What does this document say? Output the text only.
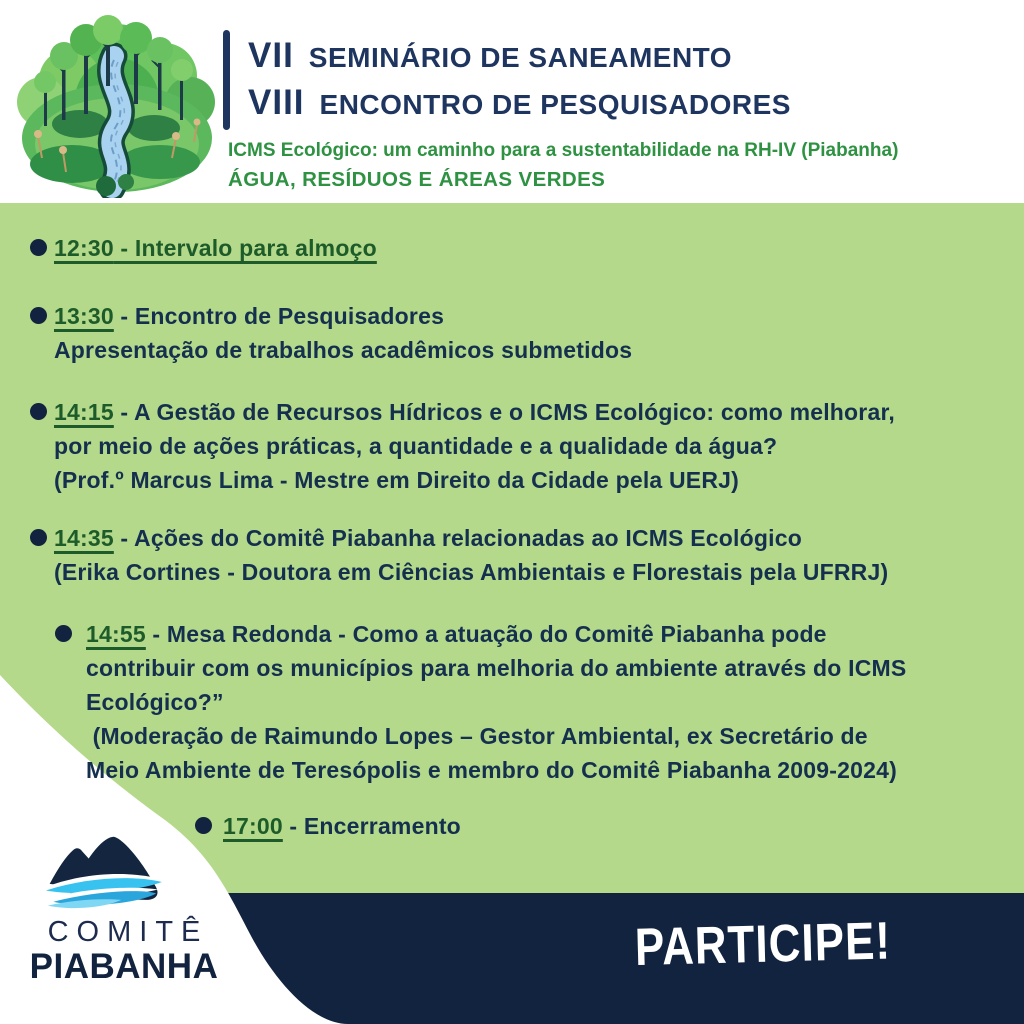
VII SEMINÁRIO DE SANEAMENTO
VIII ENCONTRO DE PESQUISADORES
ICMS Ecológico: um caminho para a sustentabilidade na RH-IV (Piabanha)
ÁGUA, RESÍDUOS E ÁREAS VERDES
12:30 - Intervalo para almoço
13:30 - Encontro de Pesquisadores
Apresentação de trabalhos acadêmicos submetidos
14:15 - A Gestão de Recursos Hídricos e o ICMS Ecológico: como melhorar,
por meio de ações práticas, a quantidade e a qualidade da água?
(Prof.º Marcus Lima - Mestre em Direito da Cidade pela UERJ)
14:35 - Ações do Comitê Piabanha relacionadas ao ICMS Ecológico
(Erika Cortines - Doutora em Ciências Ambientais e Florestais pela UFRRJ)
14:55 - Mesa Redonda - Como a atuação do Comitê Piabanha pode
contribuir com os municípios para melhoria do ambiente através do ICMS
Ecológico?”
(Moderação de Raimundo Lopes – Gestor Ambiental, ex Secretário de
Meio Ambiente de Teresópolis e membro do Comitê Piabanha 2009-2024)
17:00 - Encerramento
PARTICIPE!
COMITÊ
PIABANHA
